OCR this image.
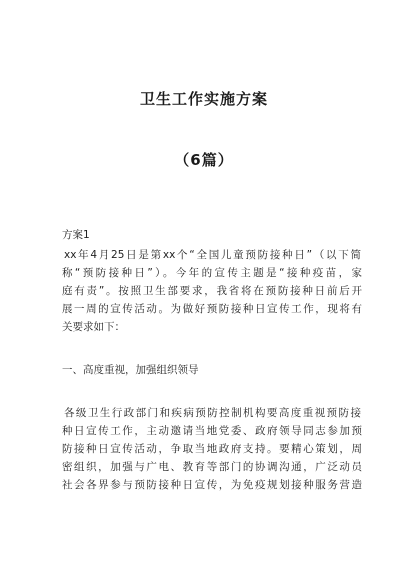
卫生工作实施方案
（6篇）
方案1
xx年4月25日是第xx个“全国儿童预防接种日”（以下简
称“预防接种日”）。今年的宣传主题是“接种疫苗，家
庭有责”。按照卫生部要求，我省将在预防接种日前后开
展一周的宣传活动。为做好预防接种日宣传工作，现将有
关要求如下：
一、高度重视，加强组织领导
各级卫生行政部门和疾病预防控制机构要高度重视预防接
种日宣传工作，主动邀请当地党委、政府领导同志参加预
防接种日宣传活动，争取当地政府支持。要精心策划，周
密组织，加强与广电、教育等部门的协调沟通，广泛动员
社会各界参与预防接种日宣传，为免疫规划接种服务营造
